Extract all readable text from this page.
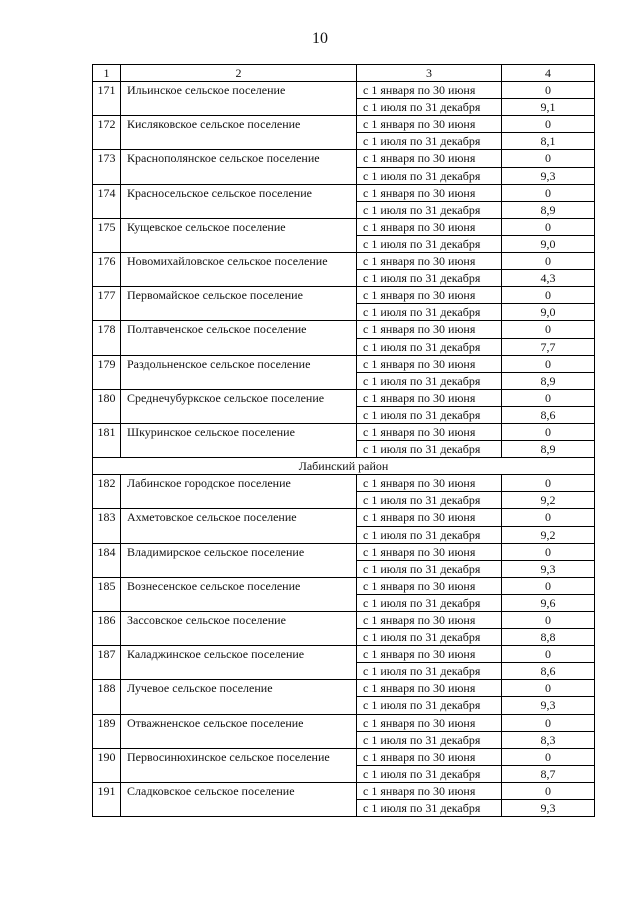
10
1	2	3	4
171	Ильинское сельское поселение	с 1 января по 30 июня	0
		с 1 июля по 31 декабря	9,1
172	Кисляковское сельское поселение	с 1 января по 30 июня	0
		с 1 июля по 31 декабря	8,1
173	Краснополянское сельское поселение	с 1 января по 30 июня	0
		с 1 июля по 31 декабря	9,3
174	Красносельское сельское поселение	с 1 января по 30 июня	0
		с 1 июля по 31 декабря	8,9
175	Кущевское сельское поселение	с 1 января по 30 июня	0
		с 1 июля по 31 декабря	9,0
176	Новомихайловское сельское поселение	с 1 января по 30 июня	0
		с 1 июля по 31 декабря	4,3
177	Первомайское сельское поселение	с 1 января по 30 июня	0
		с 1 июля по 31 декабря	9,0
178	Полтавченское сельское поселение	с 1 января по 30 июня	0
		с 1 июля по 31 декабря	7,7
179	Раздольненское сельское поселение	с 1 января по 30 июня	0
		с 1 июля по 31 декабря	8,9
180	Среднечубуркское сельское поселение	с 1 января по 30 июня	0
		с 1 июля по 31 декабря	8,6
181	Шкуринское сельское поселение	с 1 января по 30 июня	0
		с 1 июля по 31 декабря	8,9
Лабинский район			
182	Лабинское городское поселение	с 1 января по 30 июня	0
		с 1 июля по 31 декабря	9,2
183	Ахметовское сельское поселение	с 1 января по 30 июня	0
		с 1 июля по 31 декабря	9,2
184	Владимирское сельское поселение	с 1 января по 30 июня	0
		с 1 июля по 31 декабря	9,3
185	Вознесенское сельское поселение	с 1 января по 30 июня	0
		с 1 июля по 31 декабря	9,6
186	Зассовское сельское поселение	с 1 января по 30 июня	0
		с 1 июля по 31 декабря	8,8
187	Каладжинское сельское поселение	с 1 января по 30 июня	0
		с 1 июля по 31 декабря	8,6
188	Лучевое сельское поселение	с 1 января по 30 июня	0
		с 1 июля по 31 декабря	9,3
189	Отважненское сельское поселение	с 1 января по 30 июня	0
		с 1 июля по 31 декабря	8,3
190	Первосинюхинское сельское поселение	с 1 января по 30 июня	0
		с 1 июля по 31 декабря	8,7
191	Сладковское сельское поселение	с 1 января по 30 июня	0
		с 1 июля по 31 декабря	9,3
